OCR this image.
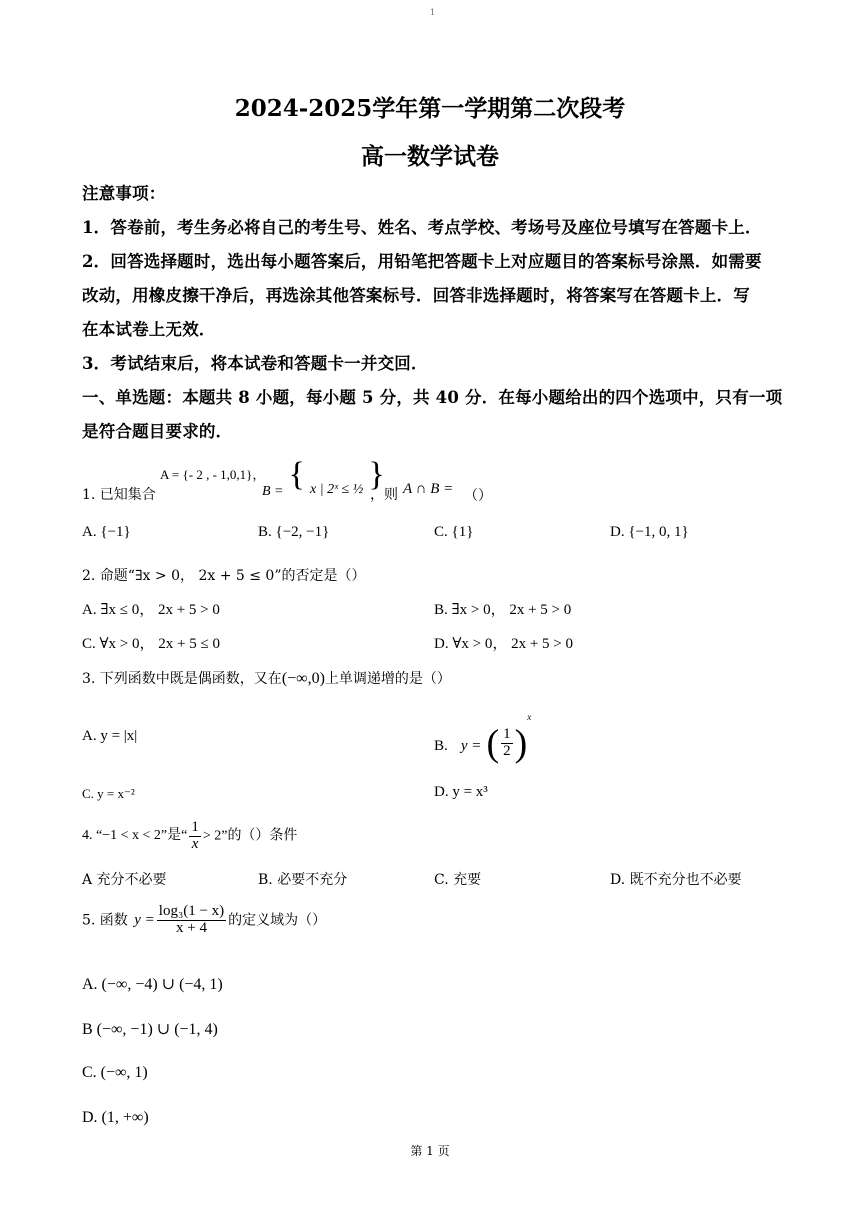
1
2024-2025学年第一学期第二次段考
高一数学试卷
注意事项：
1．答卷前，考生务必将自己的考生号、姓名、考点学校、考场号及座位号填写在答题卡上．
2．回答选择题时，选出每小题答案后，用铅笔把答题卡上对应题目的答案标号涂黑．如需要
改动，用橡皮擦干净后，再选涂其他答案标号．回答非选择题时，将答案写在答题卡上．写
在本试卷上无效．
3．考试结束后，将本试卷和答题卡一并交回．
一、单选题：本题共 8 小题，每小题 5 分，共 40 分．在每小题给出的四个选项中，只有一项
是符合题目要求的．
1. 已知集合
A = {- 2 , - 1,0,1}，
B = { x | 2ˣ ≤ ½ }
，则 A ∩ B = （）
A. {−1}	B. {−2, −1}	C. {1}	D. {−1, 0, 1}
2. 命题“∃x > 0， 2x + 5 ≤ 0”的否定是（）
A. ∃x ≤ 0， 2x + 5 > 0	B. ∃x > 0， 2x + 5 > 0
C. ∀x > 0， 2x + 5 ≤ 0	D. ∀x > 0， 2x + 5 > 0
3. 下列函数中既是偶函数，又在(−∞,0)上单调递增的是（）
A. y = |x|
B. y = ( $\frac{1}{2} )^x$
C. y = x⁻²	D. y = x³
4. “−1 < x < 2”是“ $\frac{1}{x} > 2$”的（）条件
A 充分不必要	B. 必要不充分	C. 充要	D. 既不充分也不必要
5. 函数 $y = \frac{\text{log₃(1 − x)}}{x + 4}$ 的定义域为（）
A. (−∞, −4) ∪ (−4, 1)
B (−∞, −1) ∪ (−1, 4)
C. (−∞, 1)
D. (1, +∞)
第 1 页
